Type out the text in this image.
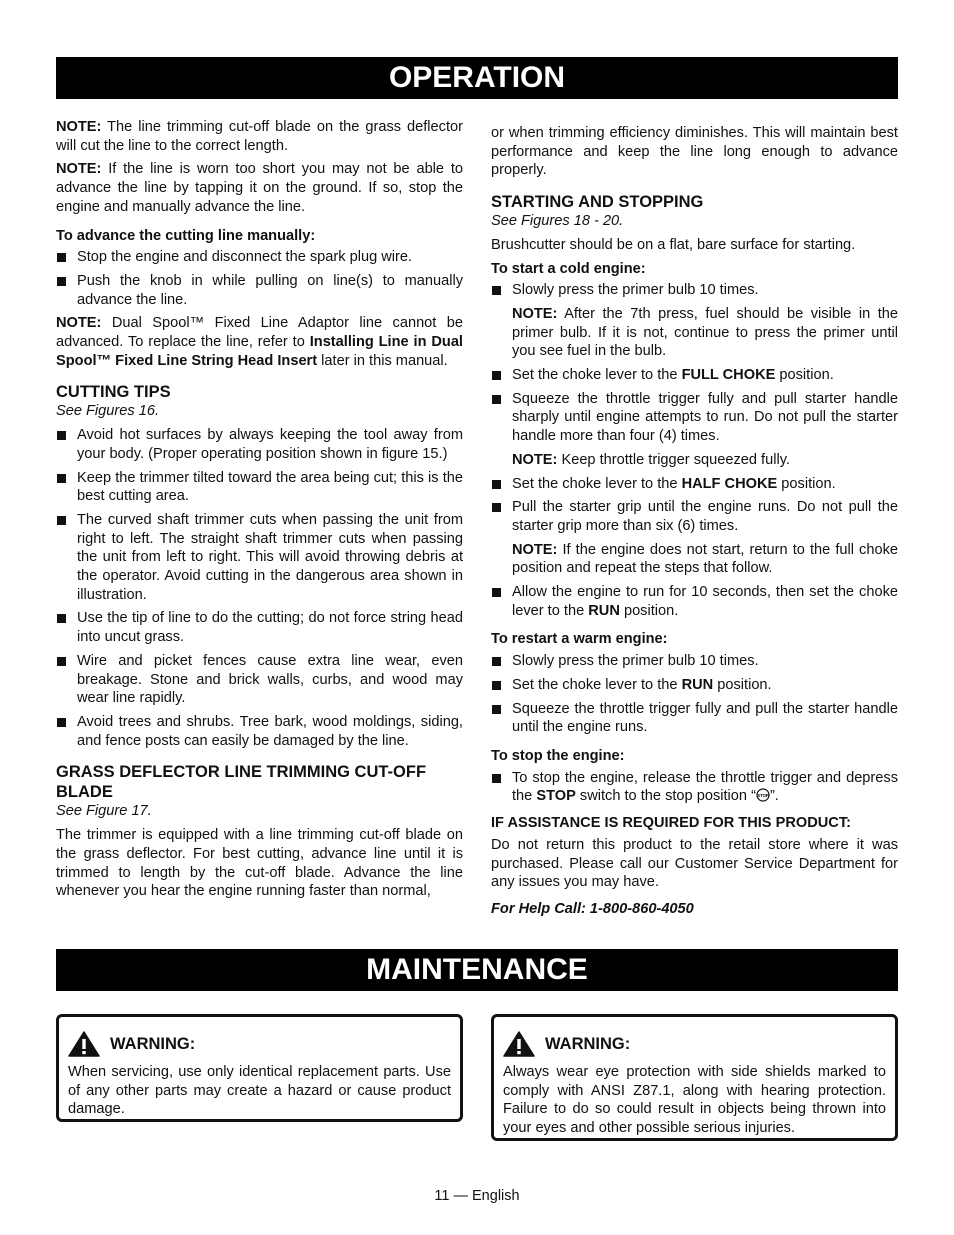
OPERATION

NOTE: The line trimming cut-off blade on the grass deflector will cut the line to the correct length.

NOTE: If the line is worn too short you may not be able to advance the line by tapping it on the ground. If so, stop the engine and manually advance the line.

To advance the cutting line manually:
Stop the engine and disconnect the spark plug wire.
Push the knob in while pulling on line(s) to manually advance the line.

NOTE: Dual Spool™ Fixed Line Adaptor line cannot be advanced. To replace the line, refer to Installing Line in Dual Spool™ Fixed Line String Head Insert later in this manual.

CUTTING TIPS
See Figures 16.
Avoid hot surfaces by always keeping the tool away from your body. (Proper operating position shown in figure 15.)
Keep the trimmer tilted toward the area being cut; this is the best cutting area.
The curved shaft trimmer cuts when passing the unit from right to left. The straight shaft trimmer cuts when passing the unit from left to right. This will avoid throwing debris at the operator. Avoid cutting in the dangerous area shown in illustration.
Use the tip of line to do the cutting; do not force string head into uncut grass.
Wire and picket fences cause extra line wear, even breakage. Stone and brick walls, curbs, and wood may wear line rapidly.
Avoid trees and shrubs. Tree bark, wood moldings, siding, and fence posts can easily be damaged by the line.
GRASS DEFLECTOR LINE TRIMMING CUT-OFF BLADE
See Figure 17.

The trimmer is equipped with a line trimming cut-off blade on the grass deflector. For best cutting, advance line until it is trimmed to length by the cut-off blade. Advance the line whenever you hear the engine running faster than normal,

or when trimming efficiency diminishes. This will maintain best performance and keep the line long enough to advance properly.

STARTING AND STOPPING
See Figures 18 - 20.

Brushcutter should be on a flat, bare surface for starting.

To start a cold engine:
Slowly press the primer bulb 10 times.
NOTE: After the 7th press, fuel should be visible in the primer bulb. If it is not, continue to press the primer until you see fuel in the bulb.
Set the choke lever to the FULL CHOKE position.
Squeeze the throttle trigger fully and pull starter handle sharply until engine attempts to run. Do not pull the starter handle more than four (4) times.
NOTE: Keep throttle trigger squeezed fully.
Set the choke lever to the HALF CHOKE position.
Pull the starter grip until the engine runs. Do not pull the starter grip more than six (6) times.
NOTE: If the engine does not start, return to the full choke position and repeat the steps that follow.
Allow the engine to run for 10 seconds, then set the choke lever to the RUN position.
To restart a warm engine:
Slowly press the primer bulb 10 times.
Set the choke lever to the RUN position.
Squeeze the throttle trigger fully and pull the starter handle until the engine runs.
To stop the engine:
To stop the engine, release the throttle trigger and depress the STOP switch to the stop position “ STOP ”.
IF ASSISTANCE IS REQUIRED FOR THIS PRODUCT:

Do not return this product to the retail store where it was purchased. Please call our Customer Service Department for any issues you may have.

For Help Call: 1-800-860-4050
MAINTENANCE
WARNING:

When servicing, use only identical replacement parts. Use of any other parts may create a hazard or cause product damage.

WARNING:

Always wear eye protection with side shields marked to comply with ANSI Z87.1, along with hearing protection. Failure to do so could result in objects being thrown into your eyes and other possible serious injuries.

11 — English
